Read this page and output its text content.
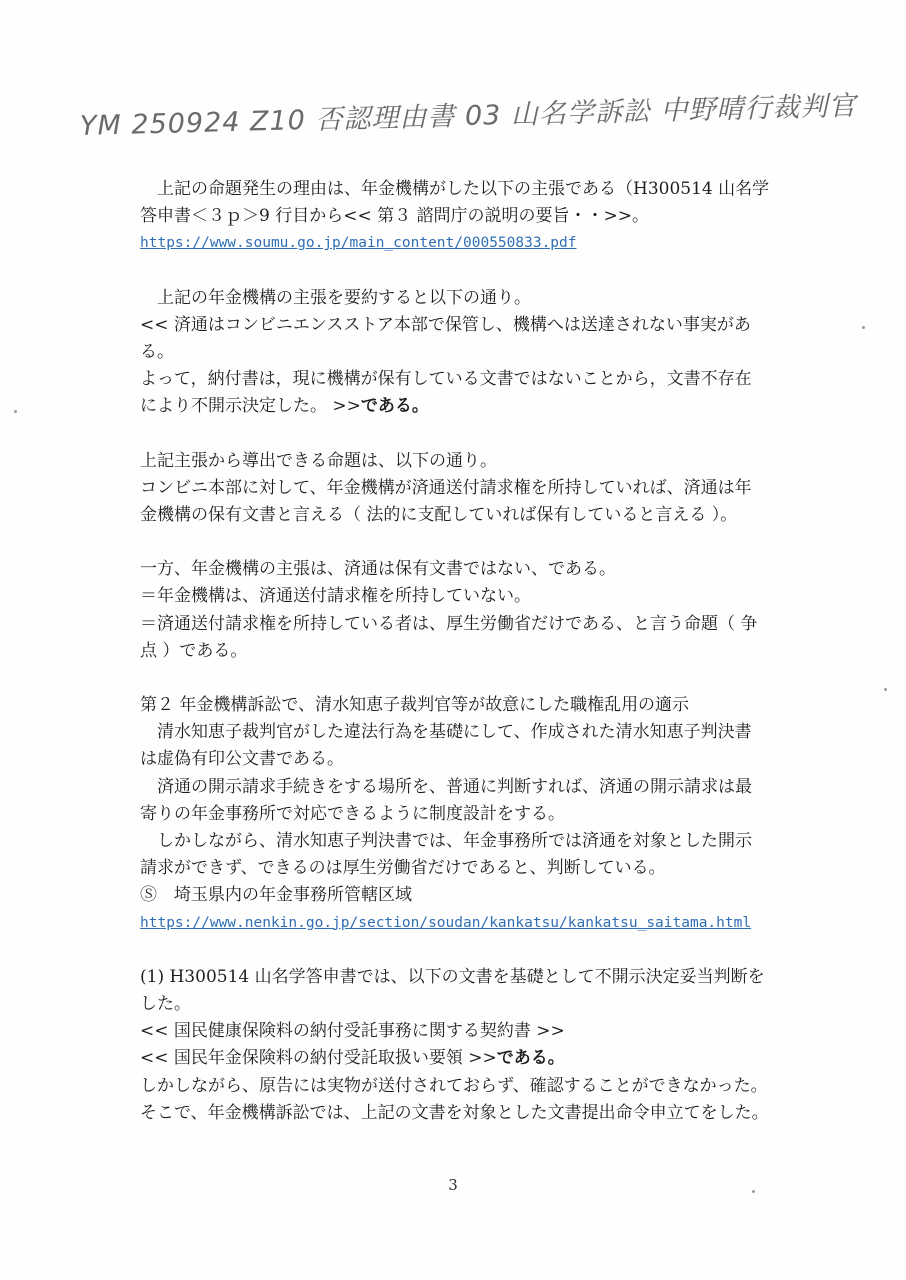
YM 250924 Z10 否認理由書 03 山名学訴訟 中野晴行裁判官
上記の命題発生の理由は、年金機構がした以下の主張である（H300514 山名学
答申書＜３ｐ＞9 行目から<< 第３ 諮問庁の説明の要旨・・>>。
https://www.soumu.go.jp/main_content/000550833.pdf
上記の年金機構の主張を要約すると以下の通り。
<< 済通はコンビニエンスストア本部で保管し、機構へは送達されない事実があ
る。
よって，納付書は，現に機構が保有している文書ではないことから，文書不存在
により不開示決定した。 >>である。
上記主張から導出できる命題は、以下の通り。
コンビニ本部に対して、年金機構が済通送付請求権を所持していれば、済通は年
金機構の保有文書と言える（ 法的に支配していれば保有していると言える ）。
一方、年金機構の主張は、済通は保有文書ではない、である。
＝年金機構は、済通送付請求権を所持していない。
＝済通送付請求権を所持している者は、厚生労働省だけである、と言う命題（ 争
点 ）である。
第２ 年金機構訴訟で、清水知恵子裁判官等が故意にした職権乱用の適示
清水知恵子裁判官がした違法行為を基礎にして、作成された清水知恵子判決書
は虚偽有印公文書である。
済通の開示請求手続きをする場所を、普通に判断すれば、済通の開示請求は最
寄りの年金事務所で対応できるように制度設計をする。
しかしながら、清水知恵子判決書では、年金事務所では済通を対象とした開示
請求ができず、できるのは厚生労働省だけであると、判断している。
Ⓢ　 埼玉県内の年金事務所管轄区域
https://www.nenkin.go.jp/section/soudan/kankatsu/kankatsu_saitama.html
(1) H300514 山名学答申書では、以下の文書を基礎として不開示決定妥当判断を
した。
<< 国民健康保険料の納付受託事務に関する契約書 >>
<< 国民年金保険料の納付受託取扱い要領 >>である。
しかしながら、原告には実物が送付されておらず、確認することができなかった。
そこで、年金機構訴訟では、上記の文書を対象とした文書提出命令申立てをした。
3
